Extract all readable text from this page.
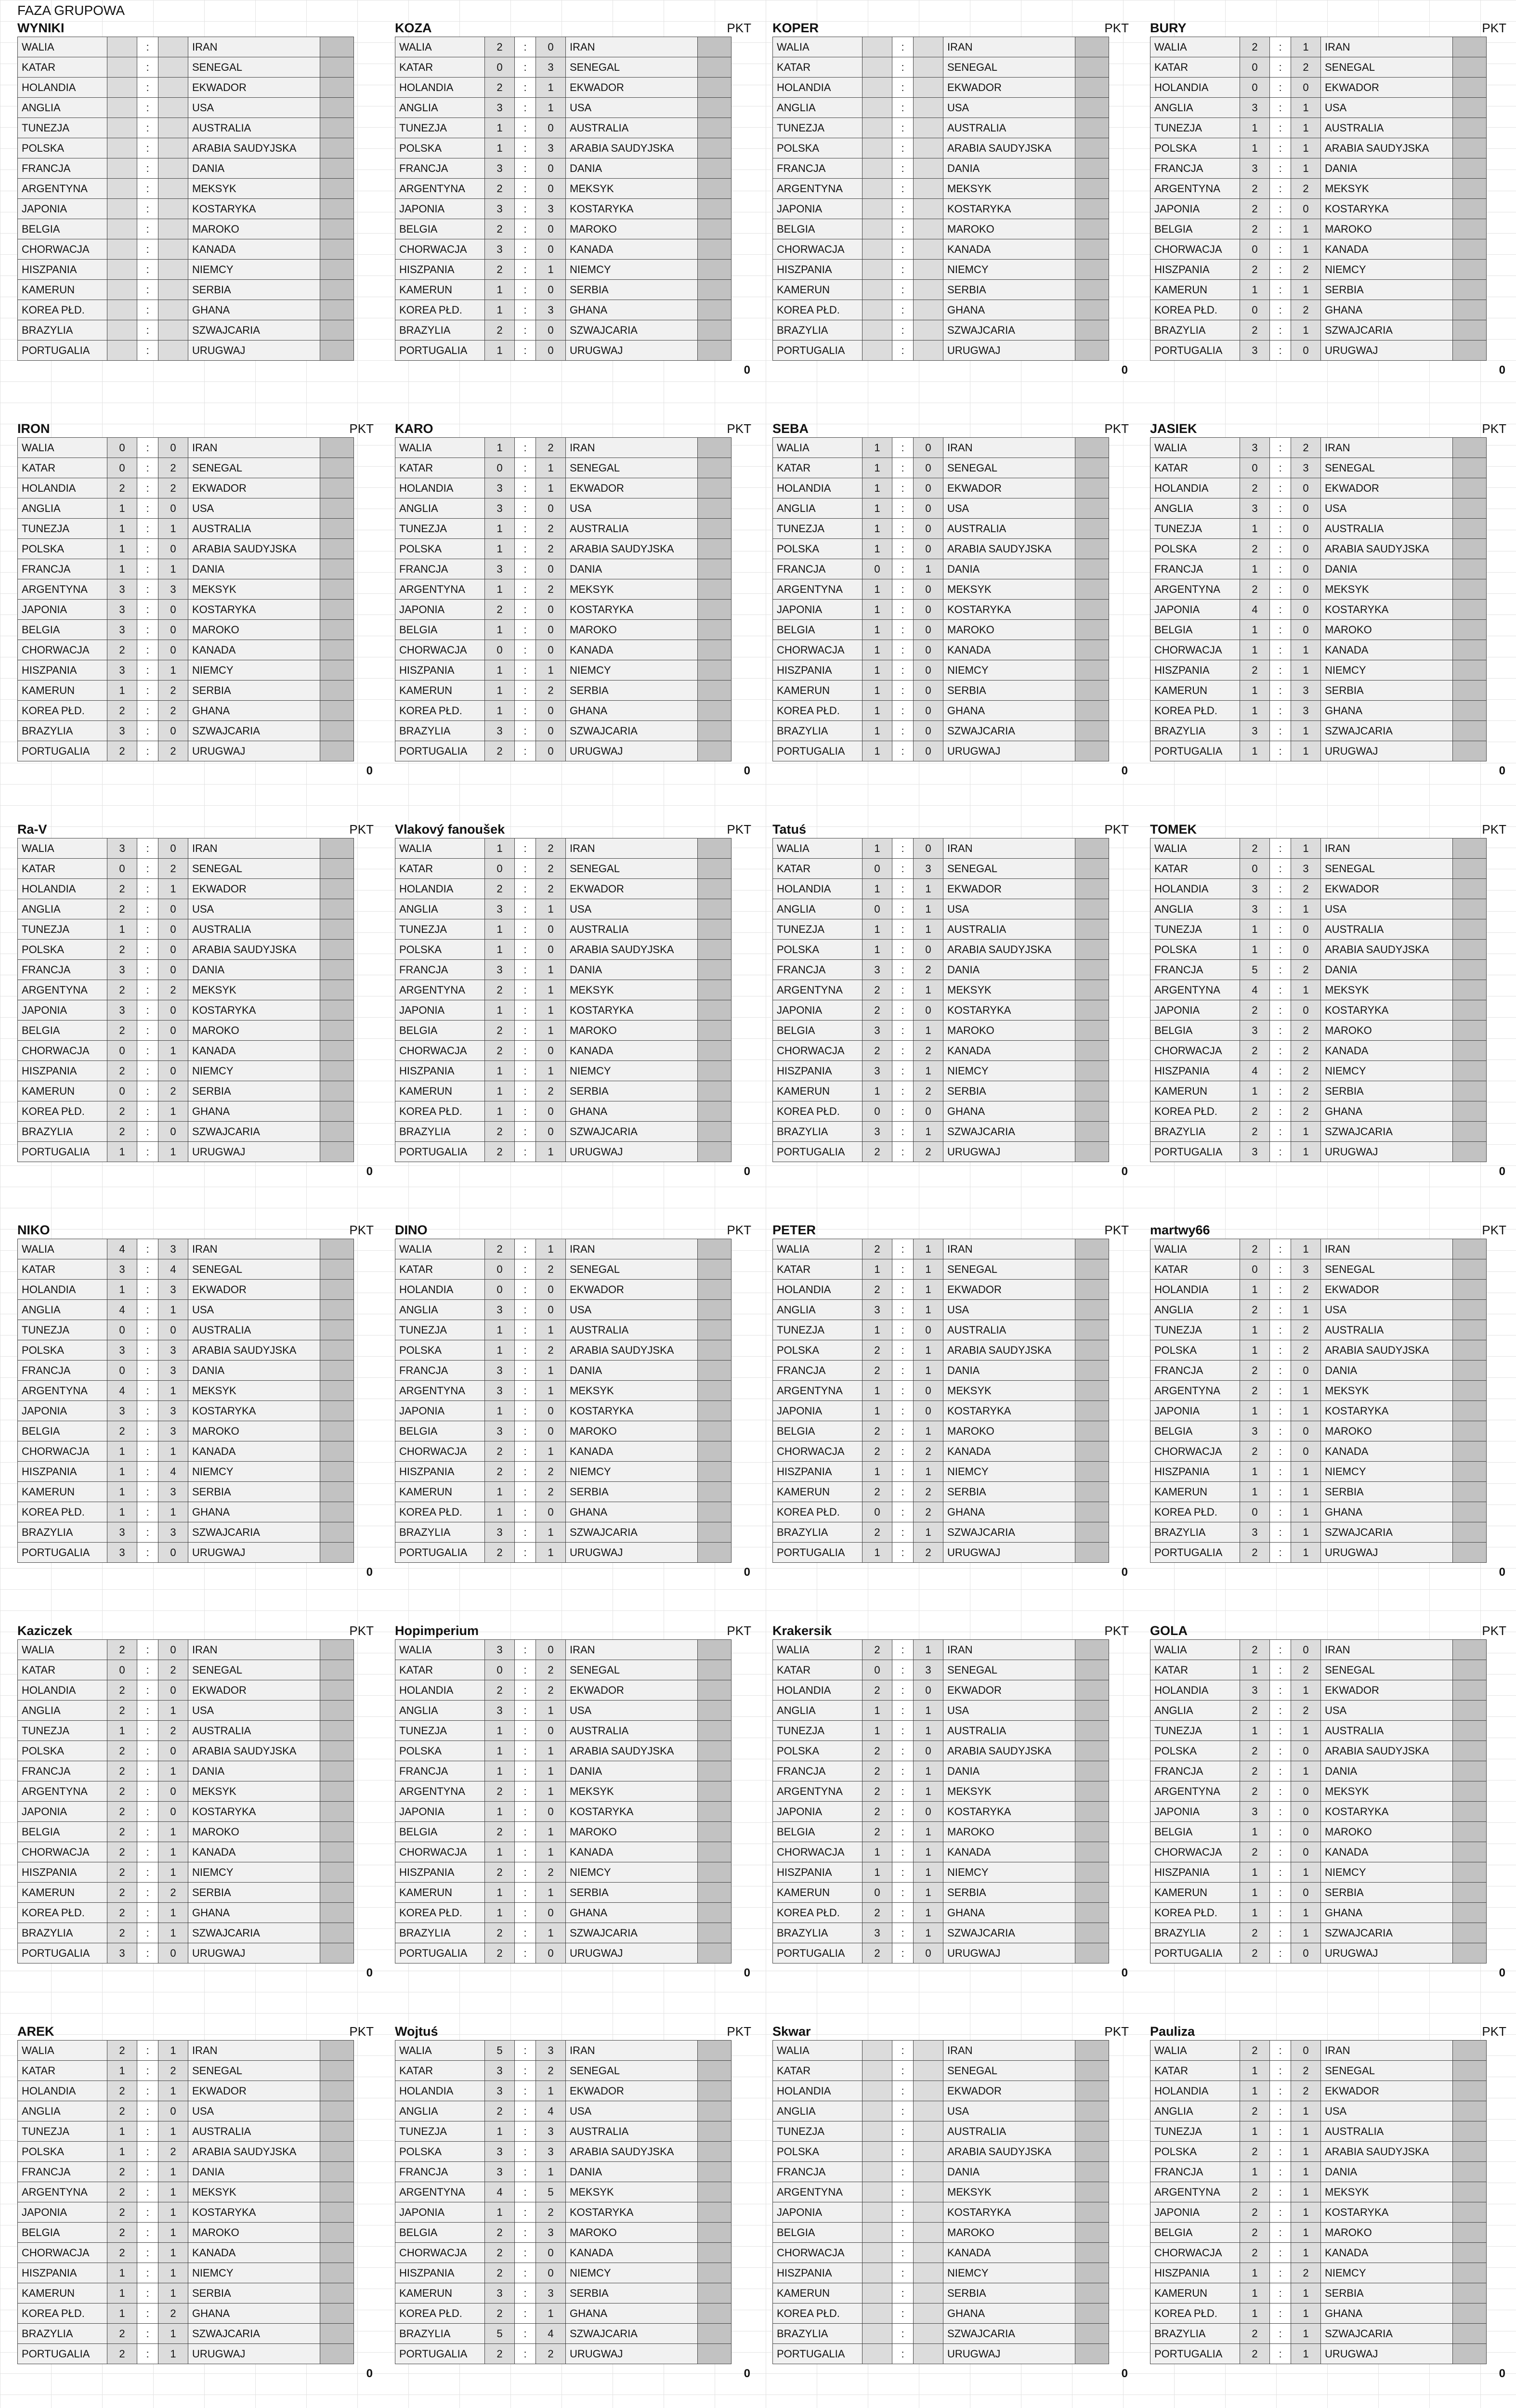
FAZA GRUPOWA
WYNIKI
WALIA		:		IRAN	
KATAR		:		SENEGAL	
HOLANDIA		:		EKWADOR	
ANGLIA		:		USA	
TUNEZJA		:		AUSTRALIA	
POLSKA		:		ARABIA SAUDYJSKA	
FRANCJA		:		DANIA	
ARGENTYNA		:		MEKSYK	
JAPONIA		:		KOSTARYKA	
BELGIA		:		MAROKO	
CHORWACJA		:		KANADA	
HISZPANIA		:		NIEMCY	
KAMERUN		:		SERBIA	
KOREA PŁD.		:		GHANA	
BRAZYLIA		:		SZWAJCARIA	
PORTUGALIA		:		URUGWAJ	
KOZA	PKT
WALIA	2	:	0	IRAN	
KATAR	0	:	3	SENEGAL	
HOLANDIA	2	:	1	EKWADOR	
ANGLIA	3	:	1	USA	
TUNEZJA	1	:	0	AUSTRALIA	
POLSKA	1	:	3	ARABIA SAUDYJSKA	
FRANCJA	3	:	0	DANIA	
ARGENTYNA	2	:	0	MEKSYK	
JAPONIA	3	:	3	KOSTARYKA	
BELGIA	2	:	0	MAROKO	
CHORWACJA	3	:	0	KANADA	
HISZPANIA	2	:	1	NIEMCY	
KAMERUN	1	:	0	SERBIA	
KOREA PŁD.	1	:	3	GHANA	
BRAZYLIA	2	:	0	SZWAJCARIA	
PORTUGALIA	1	:	0	URUGWAJ	
0
KOPER	PKT
WALIA		:		IRAN	
KATAR		:		SENEGAL	
HOLANDIA		:		EKWADOR	
ANGLIA		:		USA	
TUNEZJA		:		AUSTRALIA	
POLSKA		:		ARABIA SAUDYJSKA	
FRANCJA		:		DANIA	
ARGENTYNA		:		MEKSYK	
JAPONIA		:		KOSTARYKA	
BELGIA		:		MAROKO	
CHORWACJA		:		KANADA	
HISZPANIA		:		NIEMCY	
KAMERUN		:		SERBIA	
KOREA PŁD.		:		GHANA	
BRAZYLIA		:		SZWAJCARIA	
PORTUGALIA		:		URUGWAJ	
0
BURY	PKT
WALIA	2	:	1	IRAN	
KATAR	0	:	2	SENEGAL	
HOLANDIA	0	:	0	EKWADOR	
ANGLIA	3	:	1	USA	
TUNEZJA	1	:	1	AUSTRALIA	
POLSKA	1	:	1	ARABIA SAUDYJSKA	
FRANCJA	3	:	1	DANIA	
ARGENTYNA	2	:	2	MEKSYK	
JAPONIA	2	:	0	KOSTARYKA	
BELGIA	2	:	1	MAROKO	
CHORWACJA	0	:	1	KANADA	
HISZPANIA	2	:	2	NIEMCY	
KAMERUN	1	:	1	SERBIA	
KOREA PŁD.	0	:	2	GHANA	
BRAZYLIA	2	:	1	SZWAJCARIA	
PORTUGALIA	3	:	0	URUGWAJ	
0
IRON	PKT
WALIA	0	:	0	IRAN	
KATAR	0	:	2	SENEGAL	
HOLANDIA	2	:	2	EKWADOR	
ANGLIA	1	:	0	USA	
TUNEZJA	1	:	1	AUSTRALIA	
POLSKA	1	:	0	ARABIA SAUDYJSKA	
FRANCJA	1	:	1	DANIA	
ARGENTYNA	3	:	3	MEKSYK	
JAPONIA	3	:	0	KOSTARYKA	
BELGIA	3	:	0	MAROKO	
CHORWACJA	2	:	0	KANADA	
HISZPANIA	3	:	1	NIEMCY	
KAMERUN	1	:	2	SERBIA	
KOREA PŁD.	2	:	2	GHANA	
BRAZYLIA	3	:	0	SZWAJCARIA	
PORTUGALIA	2	:	2	URUGWAJ	
0
KARO	PKT
WALIA	1	:	2	IRAN	
KATAR	0	:	1	SENEGAL	
HOLANDIA	3	:	1	EKWADOR	
ANGLIA	3	:	0	USA	
TUNEZJA	1	:	2	AUSTRALIA	
POLSKA	1	:	2	ARABIA SAUDYJSKA	
FRANCJA	3	:	0	DANIA	
ARGENTYNA	1	:	2	MEKSYK	
JAPONIA	2	:	0	KOSTARYKA	
BELGIA	1	:	0	MAROKO	
CHORWACJA	0	:	0	KANADA	
HISZPANIA	1	:	1	NIEMCY	
KAMERUN	1	:	2	SERBIA	
KOREA PŁD.	1	:	0	GHANA	
BRAZYLIA	3	:	0	SZWAJCARIA	
PORTUGALIA	2	:	0	URUGWAJ	
0
SEBA	PKT
WALIA	1	:	0	IRAN	
KATAR	1	:	0	SENEGAL	
HOLANDIA	1	:	0	EKWADOR	
ANGLIA	1	:	0	USA	
TUNEZJA	1	:	0	AUSTRALIA	
POLSKA	1	:	0	ARABIA SAUDYJSKA	
FRANCJA	0	:	1	DANIA	
ARGENTYNA	1	:	0	MEKSYK	
JAPONIA	1	:	0	KOSTARYKA	
BELGIA	1	:	0	MAROKO	
CHORWACJA	1	:	0	KANADA	
HISZPANIA	1	:	0	NIEMCY	
KAMERUN	1	:	0	SERBIA	
KOREA PŁD.	1	:	0	GHANA	
BRAZYLIA	1	:	0	SZWAJCARIA	
PORTUGALIA	1	:	0	URUGWAJ	
0
JASIEK	PKT
WALIA	3	:	2	IRAN	
KATAR	0	:	3	SENEGAL	
HOLANDIA	2	:	0	EKWADOR	
ANGLIA	3	:	0	USA	
TUNEZJA	1	:	0	AUSTRALIA	
POLSKA	2	:	0	ARABIA SAUDYJSKA	
FRANCJA	1	:	0	DANIA	
ARGENTYNA	2	:	0	MEKSYK	
JAPONIA	4	:	0	KOSTARYKA	
BELGIA	1	:	0	MAROKO	
CHORWACJA	1	:	1	KANADA	
HISZPANIA	2	:	1	NIEMCY	
KAMERUN	1	:	3	SERBIA	
KOREA PŁD.	1	:	3	GHANA	
BRAZYLIA	3	:	1	SZWAJCARIA	
PORTUGALIA	1	:	1	URUGWAJ	
0
Ra-V	PKT
WALIA	3	:	0	IRAN	
KATAR	0	:	2	SENEGAL	
HOLANDIA	2	:	1	EKWADOR	
ANGLIA	2	:	0	USA	
TUNEZJA	1	:	0	AUSTRALIA	
POLSKA	2	:	0	ARABIA SAUDYJSKA	
FRANCJA	3	:	0	DANIA	
ARGENTYNA	2	:	2	MEKSYK	
JAPONIA	3	:	0	KOSTARYKA	
BELGIA	2	:	0	MAROKO	
CHORWACJA	0	:	1	KANADA	
HISZPANIA	2	:	0	NIEMCY	
KAMERUN	0	:	2	SERBIA	
KOREA PŁD.	2	:	1	GHANA	
BRAZYLIA	2	:	0	SZWAJCARIA	
PORTUGALIA	1	:	1	URUGWAJ	
0
Vlakový fanoušek	PKT
WALIA	1	:	2	IRAN	
KATAR	0	:	2	SENEGAL	
HOLANDIA	2	:	2	EKWADOR	
ANGLIA	3	:	1	USA	
TUNEZJA	1	:	0	AUSTRALIA	
POLSKA	1	:	0	ARABIA SAUDYJSKA	
FRANCJA	3	:	1	DANIA	
ARGENTYNA	2	:	1	MEKSYK	
JAPONIA	1	:	1	KOSTARYKA	
BELGIA	2	:	1	MAROKO	
CHORWACJA	2	:	0	KANADA	
HISZPANIA	1	:	1	NIEMCY	
KAMERUN	1	:	2	SERBIA	
KOREA PŁD.	1	:	0	GHANA	
BRAZYLIA	2	:	0	SZWAJCARIA	
PORTUGALIA	2	:	1	URUGWAJ	
0
Tatuś	PKT
WALIA	1	:	0	IRAN	
KATAR	0	:	3	SENEGAL	
HOLANDIA	1	:	1	EKWADOR	
ANGLIA	0	:	1	USA	
TUNEZJA	1	:	1	AUSTRALIA	
POLSKA	1	:	0	ARABIA SAUDYJSKA	
FRANCJA	3	:	2	DANIA	
ARGENTYNA	2	:	1	MEKSYK	
JAPONIA	2	:	0	KOSTARYKA	
BELGIA	3	:	1	MAROKO	
CHORWACJA	2	:	2	KANADA	
HISZPANIA	3	:	1	NIEMCY	
KAMERUN	1	:	2	SERBIA	
KOREA PŁD.	0	:	0	GHANA	
BRAZYLIA	3	:	1	SZWAJCARIA	
PORTUGALIA	2	:	2	URUGWAJ	
0
TOMEK	PKT
WALIA	2	:	1	IRAN	
KATAR	0	:	3	SENEGAL	
HOLANDIA	3	:	2	EKWADOR	
ANGLIA	3	:	1	USA	
TUNEZJA	1	:	0	AUSTRALIA	
POLSKA	1	:	0	ARABIA SAUDYJSKA	
FRANCJA	5	:	2	DANIA	
ARGENTYNA	4	:	1	MEKSYK	
JAPONIA	2	:	0	KOSTARYKA	
BELGIA	3	:	2	MAROKO	
CHORWACJA	2	:	2	KANADA	
HISZPANIA	4	:	2	NIEMCY	
KAMERUN	1	:	2	SERBIA	
KOREA PŁD.	2	:	2	GHANA	
BRAZYLIA	2	:	1	SZWAJCARIA	
PORTUGALIA	3	:	1	URUGWAJ	
0
NIKO	PKT
WALIA	4	:	3	IRAN	
KATAR	3	:	4	SENEGAL	
HOLANDIA	1	:	3	EKWADOR	
ANGLIA	4	:	1	USA	
TUNEZJA	0	:	0	AUSTRALIA	
POLSKA	3	:	3	ARABIA SAUDYJSKA	
FRANCJA	0	:	3	DANIA	
ARGENTYNA	4	:	1	MEKSYK	
JAPONIA	3	:	3	KOSTARYKA	
BELGIA	2	:	3	MAROKO	
CHORWACJA	1	:	1	KANADA	
HISZPANIA	1	:	4	NIEMCY	
KAMERUN	1	:	3	SERBIA	
KOREA PŁD.	1	:	1	GHANA	
BRAZYLIA	3	:	3	SZWAJCARIA	
PORTUGALIA	3	:	0	URUGWAJ	
0
DINO	PKT
WALIA	2	:	1	IRAN	
KATAR	0	:	2	SENEGAL	
HOLANDIA	0	:	0	EKWADOR	
ANGLIA	3	:	0	USA	
TUNEZJA	1	:	1	AUSTRALIA	
POLSKA	1	:	2	ARABIA SAUDYJSKA	
FRANCJA	3	:	1	DANIA	
ARGENTYNA	3	:	1	MEKSYK	
JAPONIA	1	:	0	KOSTARYKA	
BELGIA	3	:	0	MAROKO	
CHORWACJA	2	:	1	KANADA	
HISZPANIA	2	:	2	NIEMCY	
KAMERUN	1	:	2	SERBIA	
KOREA PŁD.	1	:	0	GHANA	
BRAZYLIA	3	:	1	SZWAJCARIA	
PORTUGALIA	2	:	1	URUGWAJ	
0
PETER	PKT
WALIA	2	:	1	IRAN	
KATAR	1	:	1	SENEGAL	
HOLANDIA	2	:	1	EKWADOR	
ANGLIA	3	:	1	USA	
TUNEZJA	1	:	0	AUSTRALIA	
POLSKA	2	:	1	ARABIA SAUDYJSKA	
FRANCJA	2	:	1	DANIA	
ARGENTYNA	1	:	0	MEKSYK	
JAPONIA	1	:	0	KOSTARYKA	
BELGIA	2	:	1	MAROKO	
CHORWACJA	2	:	2	KANADA	
HISZPANIA	1	:	1	NIEMCY	
KAMERUN	2	:	2	SERBIA	
KOREA PŁD.	0	:	2	GHANA	
BRAZYLIA	2	:	1	SZWAJCARIA	
PORTUGALIA	1	:	2	URUGWAJ	
0
martwy66	PKT
WALIA	2	:	1	IRAN	
KATAR	0	:	3	SENEGAL	
HOLANDIA	1	:	2	EKWADOR	
ANGLIA	2	:	1	USA	
TUNEZJA	1	:	2	AUSTRALIA	
POLSKA	1	:	2	ARABIA SAUDYJSKA	
FRANCJA	2	:	0	DANIA	
ARGENTYNA	2	:	1	MEKSYK	
JAPONIA	1	:	1	KOSTARYKA	
BELGIA	3	:	0	MAROKO	
CHORWACJA	2	:	0	KANADA	
HISZPANIA	1	:	1	NIEMCY	
KAMERUN	1	:	1	SERBIA	
KOREA PŁD.	0	:	1	GHANA	
BRAZYLIA	3	:	1	SZWAJCARIA	
PORTUGALIA	2	:	1	URUGWAJ	
0
Kaziczek	PKT
WALIA	2	:	0	IRAN	
KATAR	0	:	2	SENEGAL	
HOLANDIA	2	:	0	EKWADOR	
ANGLIA	2	:	1	USA	
TUNEZJA	1	:	2	AUSTRALIA	
POLSKA	2	:	0	ARABIA SAUDYJSKA	
FRANCJA	2	:	1	DANIA	
ARGENTYNA	2	:	0	MEKSYK	
JAPONIA	2	:	0	KOSTARYKA	
BELGIA	2	:	1	MAROKO	
CHORWACJA	2	:	1	KANADA	
HISZPANIA	2	:	1	NIEMCY	
KAMERUN	2	:	2	SERBIA	
KOREA PŁD.	2	:	1	GHANA	
BRAZYLIA	2	:	1	SZWAJCARIA	
PORTUGALIA	3	:	0	URUGWAJ	
0
Hopimperium	PKT
WALIA	3	:	0	IRAN	
KATAR	0	:	2	SENEGAL	
HOLANDIA	2	:	2	EKWADOR	
ANGLIA	3	:	1	USA	
TUNEZJA	1	:	0	AUSTRALIA	
POLSKA	1	:	1	ARABIA SAUDYJSKA	
FRANCJA	1	:	1	DANIA	
ARGENTYNA	2	:	1	MEKSYK	
JAPONIA	1	:	0	KOSTARYKA	
BELGIA	2	:	1	MAROKO	
CHORWACJA	1	:	1	KANADA	
HISZPANIA	2	:	2	NIEMCY	
KAMERUN	1	:	1	SERBIA	
KOREA PŁD.	1	:	0	GHANA	
BRAZYLIA	2	:	1	SZWAJCARIA	
PORTUGALIA	2	:	0	URUGWAJ	
0
Krakersik	PKT
WALIA	2	:	1	IRAN	
KATAR	0	:	3	SENEGAL	
HOLANDIA	2	:	0	EKWADOR	
ANGLIA	1	:	1	USA	
TUNEZJA	1	:	1	AUSTRALIA	
POLSKA	2	:	0	ARABIA SAUDYJSKA	
FRANCJA	2	:	1	DANIA	
ARGENTYNA	2	:	1	MEKSYK	
JAPONIA	2	:	0	KOSTARYKA	
BELGIA	2	:	1	MAROKO	
CHORWACJA	1	:	1	KANADA	
HISZPANIA	1	:	1	NIEMCY	
KAMERUN	0	:	1	SERBIA	
KOREA PŁD.	2	:	1	GHANA	
BRAZYLIA	3	:	1	SZWAJCARIA	
PORTUGALIA	2	:	0	URUGWAJ	
0
GOLA	PKT
WALIA	2	:	0	IRAN	
KATAR	1	:	2	SENEGAL	
HOLANDIA	3	:	1	EKWADOR	
ANGLIA	2	:	2	USA	
TUNEZJA	1	:	1	AUSTRALIA	
POLSKA	2	:	0	ARABIA SAUDYJSKA	
FRANCJA	2	:	1	DANIA	
ARGENTYNA	2	:	0	MEKSYK	
JAPONIA	3	:	0	KOSTARYKA	
BELGIA	1	:	0	MAROKO	
CHORWACJA	2	:	0	KANADA	
HISZPANIA	1	:	1	NIEMCY	
KAMERUN	1	:	0	SERBIA	
KOREA PŁD.	1	:	1	GHANA	
BRAZYLIA	2	:	1	SZWAJCARIA	
PORTUGALIA	2	:	0	URUGWAJ	
0
AREK	PKT
WALIA	2	:	1	IRAN	
KATAR	1	:	2	SENEGAL	
HOLANDIA	2	:	1	EKWADOR	
ANGLIA	2	:	0	USA	
TUNEZJA	1	:	1	AUSTRALIA	
POLSKA	1	:	2	ARABIA SAUDYJSKA	
FRANCJA	2	:	1	DANIA	
ARGENTYNA	2	:	1	MEKSYK	
JAPONIA	2	:	1	KOSTARYKA	
BELGIA	2	:	1	MAROKO	
CHORWACJA	2	:	1	KANADA	
HISZPANIA	1	:	1	NIEMCY	
KAMERUN	1	:	1	SERBIA	
KOREA PŁD.	1	:	2	GHANA	
BRAZYLIA	2	:	1	SZWAJCARIA	
PORTUGALIA	2	:	1	URUGWAJ	
0
Wojtuś	PKT
WALIA	5	:	3	IRAN	
KATAR	3	:	2	SENEGAL	
HOLANDIA	3	:	1	EKWADOR	
ANGLIA	2	:	4	USA	
TUNEZJA	1	:	3	AUSTRALIA	
POLSKA	3	:	3	ARABIA SAUDYJSKA	
FRANCJA	3	:	1	DANIA	
ARGENTYNA	4	:	5	MEKSYK	
JAPONIA	1	:	2	KOSTARYKA	
BELGIA	2	:	3	MAROKO	
CHORWACJA	2	:	0	KANADA	
HISZPANIA	2	:	0	NIEMCY	
KAMERUN	3	:	3	SERBIA	
KOREA PŁD.	2	:	1	GHANA	
BRAZYLIA	5	:	4	SZWAJCARIA	
PORTUGALIA	2	:	2	URUGWAJ	
0
Skwar	PKT
WALIA		:		IRAN	
KATAR		:		SENEGAL	
HOLANDIA		:		EKWADOR	
ANGLIA		:		USA	
TUNEZJA		:		AUSTRALIA	
POLSKA		:		ARABIA SAUDYJSKA	
FRANCJA		:		DANIA	
ARGENTYNA		:		MEKSYK	
JAPONIA		:		KOSTARYKA	
BELGIA		:		MAROKO	
CHORWACJA		:		KANADA	
HISZPANIA		:		NIEMCY	
KAMERUN		:		SERBIA	
KOREA PŁD.		:		GHANA	
BRAZYLIA		:		SZWAJCARIA	
PORTUGALIA		:		URUGWAJ	
0
Pauliza	PKT
WALIA	2	:	0	IRAN	
KATAR	1	:	2	SENEGAL	
HOLANDIA	1	:	2	EKWADOR	
ANGLIA	2	:	1	USA	
TUNEZJA	1	:	1	AUSTRALIA	
POLSKA	2	:	1	ARABIA SAUDYJSKA	
FRANCJA	1	:	1	DANIA	
ARGENTYNA	2	:	1	MEKSYK	
JAPONIA	2	:	1	KOSTARYKA	
BELGIA	2	:	1	MAROKO	
CHORWACJA	2	:	1	KANADA	
HISZPANIA	1	:	2	NIEMCY	
KAMERUN	1	:	1	SERBIA	
KOREA PŁD.	1	:	1	GHANA	
BRAZYLIA	2	:	1	SZWAJCARIA	
PORTUGALIA	2	:	1	URUGWAJ	
0
